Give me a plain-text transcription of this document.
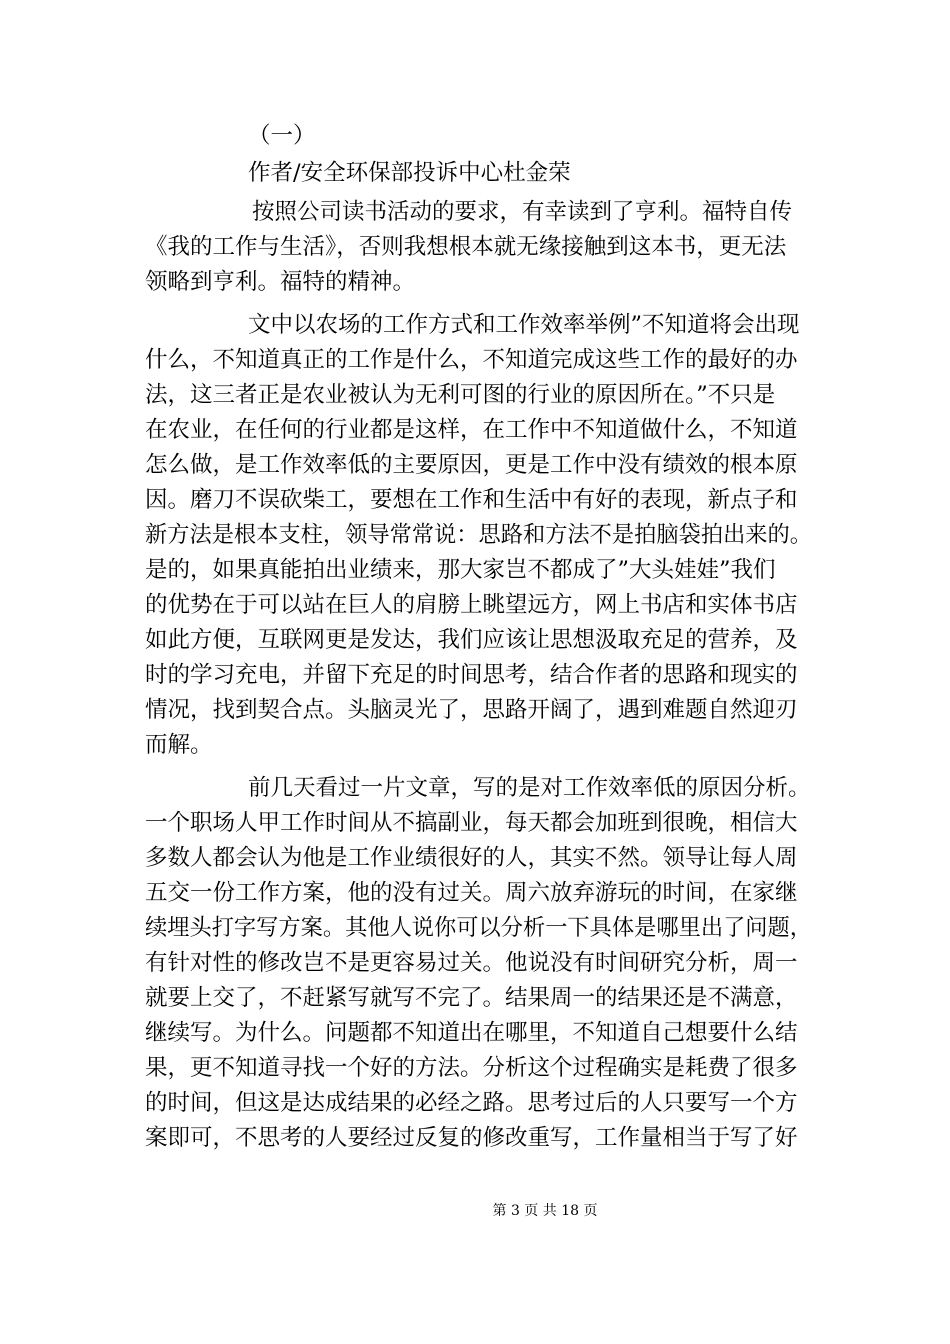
（一）
作者/安全环保部投诉中心杜金荣
按照公司读书活动的要求，有幸读到了亨利。福特自传
《我的工作与生活》，否则我想根本就无缘接触到这本书，更无法
领略到亨利。福特的精神。
文中以农场的工作方式和工作效率举例”不知道将会出现
什么，不知道真正的工作是什么，不知道完成这些工作的最好的办
法，这三者正是农业被认为无利可图的行业的原因所在。”不只是
在农业，在任何的行业都是这样，在工作中不知道做什么，不知道
怎么做，是工作效率低的主要原因，更是工作中没有绩效的根本原
因。磨刀不误砍柴工，要想在工作和生活中有好的表现，新点子和
新方法是根本支柱，领导常常说：思路和方法不是拍脑袋拍出来的。
是的，如果真能拍出业绩来，那大家岂不都成了”大头娃娃”我们
的优势在于可以站在巨人的肩膀上眺望远方，网上书店和实体书店
如此方便，互联网更是发达，我们应该让思想汲取充足的营养，及
时的学习充电，并留下充足的时间思考，结合作者的思路和现实的
情况，找到契合点。头脑灵光了，思路开阔了，遇到难题自然迎刃
而解。
前几天看过一片文章，写的是对工作效率低的原因分析。
一个职场人甲工作时间从不搞副业，每天都会加班到很晚，相信大
多数人都会认为他是工作业绩很好的人，其实不然。领导让每人周
五交一份工作方案，他的没有过关。周六放弃游玩的时间，在家继
续埋头打字写方案。其他人说你可以分析一下具体是哪里出了问题，
有针对性的修改岂不是更容易过关。他说没有时间研究分析，周一
就要上交了，不赶紧写就写不完了。结果周一的结果还是不满意，
继续写。为什么。问题都不知道出在哪里，不知道自己想要什么结
果，更不知道寻找一个好的方法。分析这个过程确实是耗费了很多
的时间，但这是达成结果的必经之路。思考过后的人只要写一个方
案即可，不思考的人要经过反复的修改重写，工作量相当于写了好
第 3 页 共 18 页
